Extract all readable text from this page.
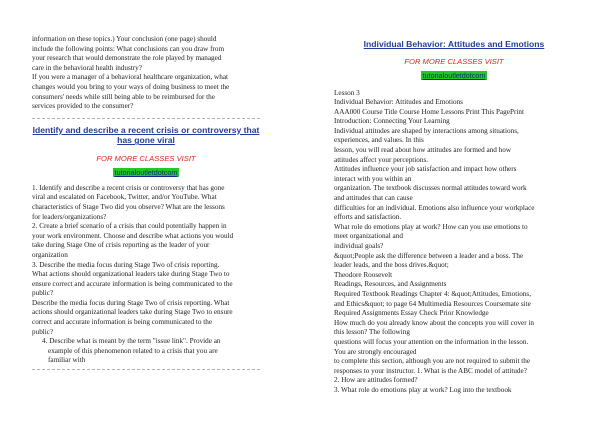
information on these topics.) Your conclusion (one page) should
include the following points: What conclusions can you draw from
your research that would demonstrate the role played by managed
care in the behavioral health industry?
If you were a manager of a behavioral healthcare organization, what
changes would you bring to your ways of doing business to meet the
consumers' needs while still being able to be reimbursed for the
services provided to the consumer?
Identify and describe a recent crisis or controversy that
has gone viral
FOR MORE CLASSES VISIT
tutorialoutletdotcom
1. Identify and describe a recent crisis or controversy that has gone
viral and escalated on Facebook, Twitter, and/or YouTube. What
characteristics of Stage Two did you observe? What are the lessons
for leaders/organizations?
2. Create a brief scenario of a crisis that could potentially happen in
your work environment. Choose and describe what actions you would
take during Stage One of crisis reporting as the leader of your
organization
3. Describe the media focus during Stage Two of crisis reporting.
What actions should organizational leaders take during Stage Two to
ensure correct and accurate information is being communicated to the
public?
Describe the media focus during Stage Two of crisis reporting. What
actions should organizational leaders take during Stage Two to ensure
correct and accurate information is being communicated to the
public?
4. Describe what is meant by the term "issue link". Provide an
example of this phenomenon related to a crisis that you are
familiar with
Individual Behavior: Attitudes and Emotions
FOR MORE CLASSES VISIT
tutorialoutletdotcom
Lesson 3
Individual Behavior: Attitudes and Emotions
AAA000 Course Title Course Home Lessons Print This PagePrint
Introduction: Connecting Your Learning
Individual attitudes are shaped by interactions among situations,
experiences, and values. In this
lesson, you will read about how attitudes are formed and how
attitudes affect your perceptions.
Attitudes influence your job satisfaction and impact how others
interact with you within an
organization. The textbook discusses normal attitudes toward work
and attitudes that can cause
difficulties for an individual. Emotions also influence your workplace
efforts and satisfaction.
What role do emotions play at work? How can you use emotions to
meet organizational and
individual goals?
&quot;People ask the difference between a leader and a boss. The
leader leads, and the boss drives.&quot;
Theodore Roosevelt
Readings, Resources, and Assignments
Required Textbook Readings Chapter 4: &quot;Attitudes, Emotions,
and Ethics&quot; to page 64 Multimedia Resources Coursemate site
Required Assignments Essay Check Prior Knowledge
How much do you already know about the concepts you will cover in
this lesson? The following
questions will focus your attention on the information in the lesson.
You are strongly encouraged
to complete this section, although you are not required to submit the
responses to your instructor. 1. What is the ABC model of attitude?
2. How are attitudes formed?
3. What role do emotions play at work? Log into the textbook
